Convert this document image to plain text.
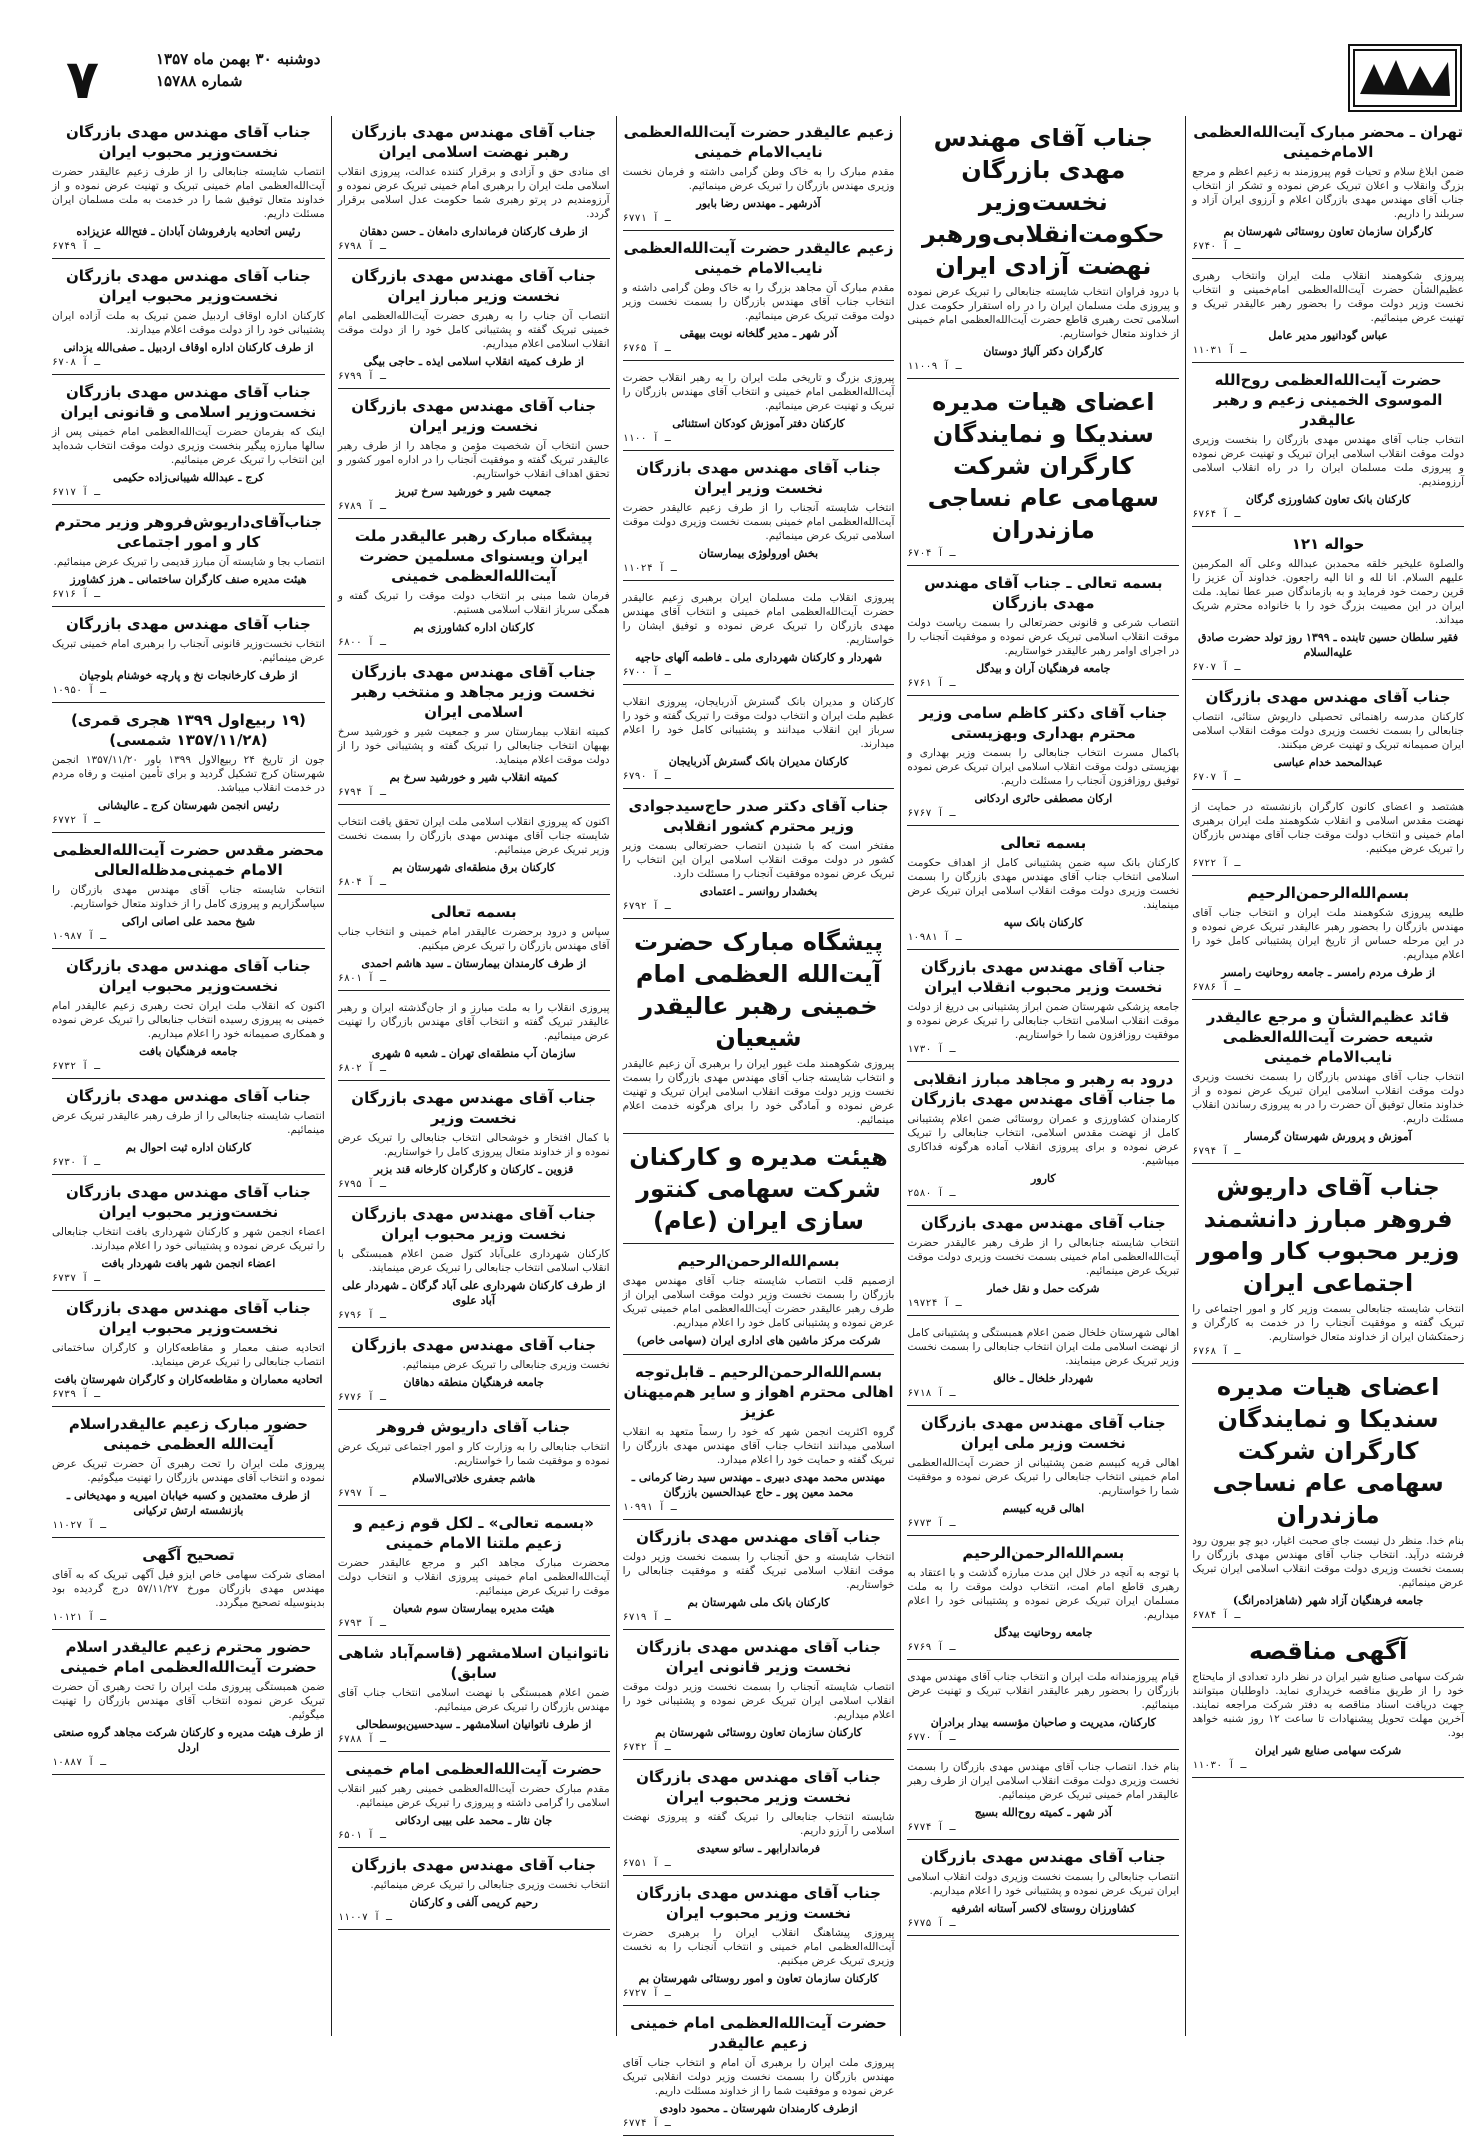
۷	دوشنبه ۳۰ بهمن ماه ۱۳۵۷
شماره ۱۵۷۸۸
تهران ـ محضر مبارک آیت‌الله‌العظمی الامام‌خمینی
ضمن ابلاغ سلام و تحیات قوم پیروزمند به زعیم اعظم و مرجع بزرگ وانقلاب و اعلان تبریک عرض نموده و تشکر از انتخاب جناب آقای مهندس مهدی بازرگان اعلام و آرزوی ایران آزاد و سربلند را داریم.
کارگران سازمان تعاون روستائی شهرستان بم
۶۷۴۰ ـ آ
پیروزی شکوهمند انقلاب ملت ایران وانتخاب رهبری عظیم‌الشأن حضرت آیت‌الله‌العظمی امام‌خمینی و انتخاب نخست وزیر دولت موقت را بحضور رهبر عالیقدر تبریک و تهنیت عرض مینمائیم.
عباس گودانیور مدیر عامل
۱۱۰۳۱ ـ آ
حضرت آیت‌الله‌العظمی روح‌الله الموسوی الخمینی زعیم و رهبر عالیقدر
انتخاب جناب آقای مهندس مهدی بازرگان را بنخست وزیری دولت موقت انقلاب اسلامی ایران تبریک و تهنیت عرض نموده و پیروزی ملت مسلمان ایران را در راه انقلاب اسلامی آرزومندیم.
کارکنان بانک تعاون کشاورزی گرگان
۶۷۶۴ ـ آ
حواله ۱۲۱
والصلوة علیخیر خلقه محمدبن عبدالله وعلی آله المکرمین علیهم السلام. انا لله و انا الیه راجعون. خداوند آن عزیز را قرین رحمت خود فرماید و به بازماندگان صبر عطا نماید. ملت ایران در این مصیبت بزرگ خود را با خانواده محترم شریک میداند.
فقیر سلطان حسین تابنده ـ ۱۳۹۹ روز تولد حضرت صادق علیه‌السلام
۶۷۰۷ ـ آ
جناب آقای مهندس مهدی بازرگان
کارکنان مدرسه راهنمائی تحصیلی داریوش ستائی، انتصاب جنابعالی را بسمت نخست وزیری دولت موقت انقلاب اسلامی ایران صمیمانه تبریک و تهنیت عرض میکنند.
عبدالمحمد خدام عباسی
۶۷۰۷ ـ آ
هشتصد و اعضای کانون کارگران بازنشسته در حمایت از نهضت مقدس اسلامی و انقلاب شکوهمند ملت ایران برهبری امام خمینی و انتخاب دولت موقت جناب آقای مهندس بازرگان را تبریک عرض میکنیم.
۶۷۲۲ ـ آ
بسم‌الله‌الرحمن‌الرحیم
طلیعه پیروزی شکوهمند ملت ایران و انتخاب جناب آقای مهندس بازرگان را بحضور رهبر عالیقدر تبریک عرض نموده و در این مرحله حساس از تاریخ ایران پشتیبانی کامل خود را اعلام میداریم.
از طرف مردم رامسر ـ جامعه روحانیت رامسر
۶۷۸۶ ـ آ
قائد عظیم‌الشأن و مرجع عالیقدر شیعه حضرت آیت‌الله‌العظمی نایب‌الامام خمینی
انتخاب جناب آقای مهندس بازرگان را بسمت نخست وزیری دولت موقت انقلاب اسلامی ایران تبریک عرض نموده و از خداوند متعال توفیق آن حضرت را در به پیروزی رساندن انقلاب مسئلت داریم.
آموزش و پرورش شهرستان گرمسار
۶۷۹۴ ـ آ
جناب آقای داریوش فروهر مبارز دانشمند وزیر محبوب کار وامور اجتماعی ایران
انتخاب شایسته جنابعالی بسمت وزیر کار و امور اجتماعی را تبریک گفته و موفقیت آنجناب را در خدمت به کارگران و زحمتکشان ایران از خداوند متعال خواستاریم.
۶۷۶۸ ـ آ
اعضای هیات مدیره سندیکا و نمایندگان کارگران شرکت سهامی عام نساجی مازندران
بنام خدا. منظر دل نیست جای صحبت اغیار، دیو چو بیرون رود فرشته درآید. انتخاب جناب آقای مهندس مهدی بازرگان را بسمت نخست وزیری دولت موقت انقلاب اسلامی ایران تبریک عرض مینمائیم.
جامعه فرهنگیان آزاد شهر (شاهزاده‌رانگ)
۶۷۸۴ ـ آ
آگهی مناقصه
شرکت سهامی صنایع شیر ایران در نظر دارد تعدادی از مایحتاج خود را از طریق مناقصه خریداری نماید. داوطلبان میتوانند جهت دریافت اسناد مناقصه به دفتر شرکت مراجعه نمایند. آخرین مهلت تحویل پیشنهادات تا ساعت ۱۲ روز شنبه خواهد بود.
شرکت سهامی صنایع شیر ایران
۱۱۰۳۰ ـ آ
جناب آقای مهندس مهدی بازرگان نخست‌وزیر حکومت‌انقلابی‌ورهبر نهضت آزادی ایران
با درود فراوان انتخاب شایسته جنابعالی را تبریک عرض نموده و پیروزی ملت مسلمان ایران را در راه استقرار حکومت عدل اسلامی تحت رهبری قاطع حضرت آیت‌الله‌العظمی امام خمینی از خداوند متعال خواستاریم.
کارگران دکتر آلیاژ دوستان
۱۱۰۰۹ ـ آ
اعضای هیات مدیره سندیکا و نمایندگان کارگران شرکت سهامی عام نساجی مازندران
۶۷۰۴ ـ آ
بسمه تعالی ـ جناب آقای مهندس مهدی بازرگان
انتصاب شرعی و قانونی حضرتعالی را بسمت ریاست دولت موقت انقلاب اسلامی تبریک عرض نموده و موفقیت آنجناب را در اجرای اوامر رهبر عالیقدر خواستاریم.
جامعه فرهنگیان آران و بیدگل
۶۷۶۱ ـ آ
جناب آقای دکتر کاظم سامی وزیر محترم بهداری وبهزیستی
باکمال مسرت انتخاب جنابعالی را بسمت وزیر بهداری و بهزیستی دولت موقت انقلاب اسلامی ایران تبریک عرض نموده توفیق روزافزون آنجناب را مسئلت داریم.
ارکان مصطفی حائری اردکانی
۶۷۶۷ ـ آ
بسمه تعالی
کارکنان بانک سپه ضمن پشتیبانی کامل از اهداف حکومت اسلامی انتخاب جناب آقای مهندس مهدی بازرگان را بسمت نخست وزیری دولت موقت انقلاب اسلامی ایران تبریک عرض مینمایند.
کارکنان بانک سپه
۱۰۹۸۱ ـ آ
جناب آقای مهندس مهدی بازرگان نخست وزیر محبوب انقلاب ایران
جامعه پزشکی شهرستان ضمن ابراز پشتیبانی بی دریغ از دولت موقت انقلاب اسلامی انتخاب جنابعالی را تبریک عرض نموده و موفقیت روزافزون شما را خواستاریم.
۱۷۳۰ ـ آ
درود به رهبر و مجاهد مبارز انقلابی ما جناب آقای مهندس مهدی بازرگان
کارمندان کشاورزی و عمران روستائی ضمن اعلام پشتیبانی کامل از نهضت مقدس اسلامی، انتخاب جنابعالی را تبریک عرض نموده و برای پیروزی انقلاب آماده هرگونه فداکاری میباشیم.
کارور
۲۵۸۰ ـ آ
جناب آقای مهندس مهدی بازرگان
انتخاب شایسته جنابعالی را از طرف رهبر عالیقدر حضرت آیت‌الله‌العظمی امام خمینی بسمت نخست وزیری دولت موقت تبریک عرض مینمائیم.
شرکت حمل و نقل خمار
۱۹۷۲۴ ـ آ
اهالی شهرستان خلخال ضمن اعلام همبستگی و پشتیبانی کامل از نهضت اسلامی ملت ایران انتخاب جنابعالی را بسمت نخست وزیر تبریک عرض مینمایند.
شهردار خلخال ـ خالق
۶۷۱۸ ـ آ
جناب آقای مهندس مهدی بازرگان نخست وزیر ملی ایران
اهالی قریه کبیسم ضمن پشتیبانی از حضرت آیت‌الله‌العظمی امام خمینی انتخاب جنابعالی را تبریک عرض نموده و موفقیت شما را خواستاریم.
اهالی قریه کبیسم
۶۷۷۳ ـ آ
بسم‌الله‌الرحمن‌الرحیم
با توجه به آنچه در خلال این مدت مبارزه گذشت و با اعتقاد به رهبری قاطع امام امت، انتخاب دولت موقت را به ملت مسلمان ایران تبریک عرض نموده و پشتیبانی خود را اعلام میداریم.
جامعه روحانیت بیدگل
۶۷۶۹ ـ آ
قیام پیروزمندانه ملت ایران و انتخاب جناب آقای مهندس مهدی بازرگان را بحضور رهبر عالیقدر انقلاب تبریک و تهنیت عرض مینمائیم.
کارکنان، مدیریت و صاحبان مؤسسه بیدار برادران
۶۷۷۰ ـ آ
بنام خدا. انتصاب جناب آقای مهندس مهدی بازرگان را بسمت نخست وزیری دولت موقت انقلاب اسلامی ایران از طرف رهبر عالیقدر امام خمینی تبریک عرض مینمائیم.
آذر شهر ـ کمیته روح‌الله بسیج
۶۷۷۴ ـ آ
جناب آقای مهندس مهدی بازرگان
انتصاب جنابعالی را بسمت نخست وزیری دولت انقلاب اسلامی ایران تبریک عرض نموده و پشتیبانی خود را اعلام میداریم.
کشاورزان روستای لاکسر آستانه اشرفیه
۶۷۷۵ ـ آ
زعیم عالیقدر حضرت آیت‌الله‌العظمی نایب‌الامام خمینی
مقدم مبارک را به خاک وطن گرامی داشته و فرمان نخست وزیری مهندس بازرگان را تبریک عرض مینمائیم.
آذرشهر ـ مهندس رضا بابور
۶۷۷۱ ـ آ
زعیم عالیقدر حضرت آیت‌الله‌العظمی نایب‌الامام خمینی
مقدم مبارک آن مجاهد بزرگ را به خاک وطن گرامی داشته و انتخاب جناب آقای مهندس بازرگان را بسمت نخست وزیر دولت موقت تبریک عرض مینمائیم.
آذر شهر ـ مدیر گلخانه نوبت بیهقی
۶۷۶۵ ـ آ
پیروزی بزرگ و تاریخی ملت ایران را به رهبر انقلاب حضرت آیت‌الله‌العظمی امام خمینی و انتخاب آقای مهندس بازرگان را تبریک و تهنیت عرض مینمائیم.
کارکنان دفتر آموزش کودکان استثنائی
۱۱۰۰ ـ آ
جناب آقای مهندس مهدی بازرگان نخست وزیر ایران
انتخاب شایسته آنجناب را از طرف زعیم عالیقدر حضرت آیت‌الله‌العظمی امام خمینی بسمت نخست وزیری دولت موقت اسلامی تبریک عرض مینمائیم.
بخش اورولوژی بیمارستان
۱۱۰۲۴ ـ آ
پیروزی انقلاب ملت مسلمان ایران برهبری زعیم عالیقدر حضرت آیت‌الله‌العظمی امام خمینی و انتخاب آقای مهندس مهدی بازرگان را تبریک عرض نموده و توفیق ایشان را خواستاریم.
شهردار و کارکنان شهرداری ملی ـ فاطمه آلهای حاجیه
۶۷۰۰ ـ آ
کارکنان و مدیران بانک گسترش آذربایجان، پیروزی انقلاب عظیم ملت ایران و انتخاب دولت موقت را تبریک گفته و خود را سرباز این انقلاب میدانند و پشتیبانی کامل خود را اعلام میدارند.
کارکنان مدیران بانک گسترش آذربایجان
۶۷۹۰ ـ آ
جناب آقای دکتر صدر حاج‌سیدجوادی وزیر محترم کشور انقلابی
مفتخر است که با شنیدن انتصاب حضرتعالی بسمت وزیر کشور در دولت موقت انقلاب اسلامی ایران این انتخاب را تبریک عرض نموده موفقیت آنجناب را مسئلت دارد.
بخشدار روانسر ـ اعتمادی
۶۷۹۲ ـ آ
پیشگاه مبارک حضرت آیت‌الله العظمی امام خمینی رهبر عالیقدر شیعیان
پیروزی شکوهمند ملت غیور ایران را برهبری آن زعیم عالیقدر و انتخاب شایسته جناب آقای مهندس مهدی بازرگان را بسمت نخست وزیر دولت موقت انقلاب اسلامی ایران تبریک و تهنیت عرض نموده و آمادگی خود را برای هرگونه خدمت اعلام مینمائیم.
هیئت مدیره و کارکنان شرکت سهامی کنتور سازی ایران (عام)
بسم‌الله‌الرحمن‌الرحیم
ازصمیم قلب انتصاب شایسته جناب آقای مهندس مهدی بازرگان را بسمت نخست وزیر دولت موقت اسلامی ایران از طرف رهبر عالیقدر حضرت آیت‌الله‌العظمی امام خمینی تبریک عرض نموده و پشتیبانی کامل خود را اعلام میداریم.
شرکت مرکز ماشین های اداری ایران (سهامی خاص)
بسم‌الله‌الرحمن‌الرحیم ـ قابل‌توجه اهالی محترم اهواز و سایر هم‌میهنان عزیز
گروه اکثریت انجمن شهر که خود را رسماً متعهد به انقلاب اسلامی میدانند انتخاب جناب آقای مهندس مهدی بازرگان را تبریک گفته و حمایت خود را اعلام میدارد.
مهندس محمد مهدی دبیری ـ مهندس سید رضا کرمانی ـ محمد معین پور ـ حاج عبدالحسین بازرگان
۱۰۹۹۱ ـ آ
جناب آقای مهندس مهدی بازرگان
انتخاب شایسته و حق آنجناب را بسمت نخست وزیر دولت موقت انقلاب اسلامی تبریک گفته و موفقیت جنابعالی را خواستاریم.
کارکنان بانک ملی شهرستان بم
۶۷۱۹ ـ آ
جناب آقای مهندس مهدی بازرگان نخست وزیر قانونی ایران
انتصاب شایسته آنجناب را بسمت نخست وزیر دولت موقت انقلاب اسلامی ایران تبریک عرض نموده و پشتیبانی خود را اعلام میداریم.
کارکنان سازمان تعاون روستائی شهرستان بم
۶۷۴۲ ـ آ
جناب آقای مهندس مهدی بازرگان نخست وزیر محبوب ایران
شایسته انتخاب جنابعالی را تبریک گفته و پیروزی نهضت اسلامی را آرزو داریم.
فرماندارابهر ـ ساتو سعیدی
۶۷۵۱ ـ آ
جناب آقای مهندس مهدی بازرگان نخست وزیر محبوب ایران
پیروزی پیشاهنگ انقلاب ایران را برهبری حضرت آیت‌الله‌العظمی امام خمینی و انتخاب آنجناب را به نخست وزیری تبریک عرض میکنیم.
کارکنان سازمان تعاون و امور روستائی شهرستان بم
۶۷۲۷ ـ آ
حضرت آیت‌الله‌العظمی امام خمینی زعیم عالیقدر
پیروزی ملت ایران را برهبری آن امام و انتخاب جناب آقای مهندس بازرگان را بسمت نخست وزیر دولت انقلابی تبریک عرض نموده و موفقیت شما را از خداوند مسئلت داریم.
ازطرف کارمندان شهرستان ـ محمود داودی
۶۷۷۴ ـ آ
جناب آقای مهندس مهدی بازرگان رهبر نهضت اسلامی ایران
ای منادی حق و آزادی و برقرار کننده عدالت، پیروزی انقلاب اسلامی ملت ایران را برهبری امام خمینی تبریک عرض نموده و آرزومندیم در پرتو رهبری شما حکومت عدل اسلامی برقرار گردد.
از طرف کارکنان فرمانداری دامغان ـ حسن دهقان
۶۷۹۸ ـ آ
جناب آقای مهندس مهدی بازرگان نخست وزیر مبارز ایران
انتصاب آن جناب را به رهبری حضرت آیت‌الله‌العظمی امام خمینی تبریک گفته و پشتیبانی کامل خود را از دولت موقت انقلاب اسلامی اعلام میداریم.
از طرف کمیته انقلاب اسلامی ایذه ـ حاجی بیگی
۶۷۹۹ ـ آ
جناب آقای مهندس مهدی بازرگان نخست وزیر ایران
حسن انتخاب آن شخصیت مؤمن و مجاهد را از طرف رهبر عالیقدر تبریک گفته و موفقیت آنجناب را در اداره امور کشور و تحقق اهداف انقلاب خواستاریم.
جمعیت شیر و خورشید سرخ تبریز
۶۷۸۹ ـ آ
پیشگاه مبارک رهبر عالیقدر ملت ایران ویسنوای مسلمین حضرت آیت‌الله‌العظمی خمینی
فرمان شما مبنی بر انتخاب دولت موقت را تبریک گفته و همگی سرباز انقلاب اسلامی هستیم.
کارکنان اداره کشاورزی بم
۶۸۰۰ ـ آ
جناب آقای مهندس مهدی بازرگان نخست وزیر مجاهد و منتخب رهبر اسلامی ایران
کمیته انقلاب بیمارستان سر و جمعیت شیر و خورشید سرخ بهبهان انتخاب جنابعالی را تبریک گفته و پشتیبانی خود را از دولت موقت اعلام مینماید.
کمیته انقلاب شیر و خورشید سرخ بم
۶۷۹۴ ـ آ
اکنون که پیروزی انقلاب اسلامی ملت ایران تحقق یافت انتخاب شایسته جناب آقای مهندس مهدی بازرگان را بسمت نخست وزیر تبریک عرض مینمائیم.
کارکنان برق منطقه‌ای شهرستان بم
۶۸۰۴ ـ آ
بسمه تعالی
سپاس و درود برحضرت عالیقدر امام خمینی و انتخاب جناب آقای مهندس بازرگان را تبریک عرض میکنیم.
از طرف کارمندان بیمارستان ـ سید هاشم احمدی
۶۸۰۱ ـ آ
پیروزی انقلاب را به ملت مبارز و از جان‌گذشته ایران و رهبر عالیقدر تبریک گفته و انتخاب آقای مهندس بازرگان را تهنیت عرض مینمائیم.
سازمان آب منطقه‌ای تهران ـ شعبه ۵ شهری
۶۸۰۲ ـ آ
جناب آقای مهندس مهدی بازرگان نخست وزیر
با کمال افتخار و خوشحالی انتخاب جنابعالی را تبریک عرض نموده و از خداوند متعال پیروزی کامل را خواستاریم.
قزوین ـ کارکنان و کارگران کارخانه قند بزبر
۶۷۹۵ ـ آ
جناب آقای مهندس مهدی بازرگان نخست وزیر محبوب ایران
کارکنان شهرداری علی‌آباد کتول ضمن اعلام همبستگی با انقلاب اسلامی انتخاب جنابعالی را تبریک عرض مینمایند.
از طرف کارکنان شهرداری علی آباد گرگان ـ شهردار علی آباد علوی
۶۷۹۶ ـ آ
جناب آقای مهندس مهدی بازرگان
نخست وزیری جنابعالی را تبریک عرض مینمائیم.
جامعه فرهنگیان منطقه دهاقان
۶۷۷۶ ـ آ
جناب آقای داریوش فروهر
انتخاب جنابعالی را به وزارت کار و امور اجتماعی تبریک عرض نموده و موفقیت شما را خواستاریم.
هاشم جعفری خلاتی‌الاسلام
۶۷۹۷ ـ آ
«بسمه تعالی» ـ لکل قوم زعیم و زعیم ملتنا الامام خمینی
محضرت مبارک مجاهد اکبر و مرجع عالیقدر حضرت آیت‌الله‌العظمی امام خمینی پیروزی انقلاب و انتخاب دولت موقت را تبریک عرض مینمائیم.
هیئت مدیره بیمارستان سوم شعبان
۶۷۹۳ ـ آ
ناتوانیان اسلامشهر (قاسم‌آباد شاهی سابق)
ضمن اعلام همبستگی با نهضت اسلامی انتخاب جناب آقای مهندس بازرگان را تبریک عرض مینمائیم.
از طرف ناتوانیان اسلامشهر ـ سیدحسین‌بوسطحالی
۶۷۸۸ ـ آ
حضرت آیت‌الله‌العظمی امام خمینی
مقدم مبارک حضرت آیت‌الله‌العظمی خمینی رهبر کبیر انقلاب اسلامی را گرامی داشته و پیروزی را تبریک عرض مینمائیم.
جان نثار ـ محمد علی بیبی اردکانی
۶۵۰۱ ـ آ
جناب آقای مهندس مهدی بازرگان
انتخاب نخست وزیری جنابعالی را تبریک عرض مینمائیم.
رحیم کریمی آلفی و کارکنان
۱۱۰۰۷ ـ آ
جناب آقای مهندس مهدی بازرگان نخست‌وزیر محبوب ایران
انتصاب شایسته جنابعالی را از طرف زعیم عالیقدر حضرت آیت‌الله‌العظمی امام خمینی تبریک و تهنیت عرض نموده و از خداوند متعال توفیق شما را در خدمت به ملت مسلمان ایران مسئلت داریم.
رئیس اتحادیه بارفروشان آبادان ـ فتح‌الله عزیزاده
۶۷۴۹ ـ آ
جناب آقای مهندس مهدی بازرگان نخست‌وزیر محبوب ایران
کارکنان اداره اوقاف اردبیل ضمن تبریک به ملت آزاده ایران پشتیبانی خود را از دولت موقت اعلام میدارند.
از طرف کارکنان اداره اوقاف اردبیل ـ صفی‌الله یزدانی
۶۷۰۸ ـ آ
جناب آقای مهندس مهدی بازرگان نخست‌وزیر اسلامی و قانونی ایران
اینک که بفرمان حضرت آیت‌الله‌العظمی امام خمینی پس از سالها مبارزه پیگیر بنخست وزیری دولت موقت انتخاب شده‌اید این انتخاب را تبریک عرض مینمائیم.
کرج ـ عبدالله شیبانی‌زاده حکیمی
۶۷۱۷ ـ آ
جناب‌آقای‌داریوش‌فروهر وزیر محترم کار و امور اجتماعی
انتصاب بجا و شایسته آن مبارز قدیمی را تبریک عرض مینمائیم.
هیئت مدیره صنف کارگران ساختمانی ـ هرز کشاورز
۶۷۱۶ ـ آ
جناب آقای مهندس مهدی بازرگان
انتخاب نخست‌وزیر قانونی آنجناب را برهبری امام خمینی تبریک عرض مینمائیم.
از طرف کارخانجات نخ و پارچه خوشنام بلوجیان
۱۰۹۵۰ ـ آ
(۱۹ ربیع‌اول ۱۳۹۹ هجری قمری) (۱۳۵۷/۱۱/۲۸ شمسی)
جون از تاریخ ۲۴ ربیع‌الاول ۱۳۹۹ باور ۱۳۵۷/۱۱/۲۰ انجمن شهرستان کرج تشکیل گردید و برای تأمین امنیت و رفاه مردم در خدمت انقلاب میباشد.
رئیس انجمن شهرستان کرج ـ عالیشانی
۶۷۷۲ ـ آ
محضر مقدس حضرت آیت‌الله‌العظمی الامام خمینی‌مدظله‌العالی
انتخاب شایسته جناب آقای مهندس مهدی بازرگان را سپاسگزاریم و پیروزی کامل را از خداوند متعال خواستاریم.
شیخ محمد علی اصانی اراکی
۱۰۹۸۷ ـ آ
جناب آقای مهندس مهدی بازرگان نخست‌وزیر محبوب ایران
اکنون که انقلاب ملت ایران تحت رهبری زعیم عالیقدر امام خمینی به پیروزی رسیده انتخاب جنابعالی را تبریک عرض نموده و همکاری صمیمانه خود را اعلام میداریم.
جامعه فرهنگیان بافت
۶۷۳۲ ـ آ
جناب آقای مهندس مهدی بازرگان
انتصاب شایسته جنابعالی را از طرف رهبر عالیقدر تبریک عرض مینمائیم.
کارکنان اداره ثبت احوال بم
۶۷۳۰ ـ آ
جناب آقای مهندس مهدی بازرگان نخست‌وزیر محبوب ایران
اعضاء انجمن شهر و کارکنان شهرداری بافت انتخاب جنابعالی را تبریک عرض نموده و پشتیبانی خود را اعلام میدارند.
اعضاء انجمن شهر بافت شهردار بافت
۶۷۳۷ ـ آ
جناب آقای مهندس مهدی بازرگان نخست‌وزیر محبوب ایران
اتحادیه صنف معمار و مقاطعه‌کاران و کارگران ساختمانی انتصاب جنابعالی را تبریک عرض مینماید.
اتحادیه معماران و مقاطعه‌کاران و کارگران شهرستان بافت
۶۷۳۹ ـ آ
حضور مبارک زعیم عالیقدراسلام آیت‌الله العظمی خمینی
پیروزی ملت ایران را تحت رهبری آن حضرت تبریک عرض نموده و انتخاب آقای مهندس بازرگان را تهنیت میگوئیم.
از طرف معتمدین و کسبه خیابان امیریه و مهدیخانی ـ بازنشسته ارتش ترکیانی
۱۱۰۲۷ ـ آ
تصحیح آگهی
امضای شرکت سهامی خاص ایزو فیل آگهی تبریک که به آقای مهندس مهدی بازرگان مورخ ۵۷/۱۱/۲۷ درج گردیده بود بدینوسیله تصحیح میگردد.
۱۰۱۲۱ ـ آ
حضور محترم زعیم عالیقدر اسلام حضرت آیت‌الله‌العظمی امام خمینی
ضمن همبستگی پیروزی ملت ایران را تحت رهبری آن حضرت تبریک عرض نموده انتخاب آقای مهندس بازرگان را تهنیت میگوئیم.
از طرف هیئت مدیره و کارکنان شرکت مجاهد گروه صنعتی اردل
۱۰۸۸۷ ـ آ
